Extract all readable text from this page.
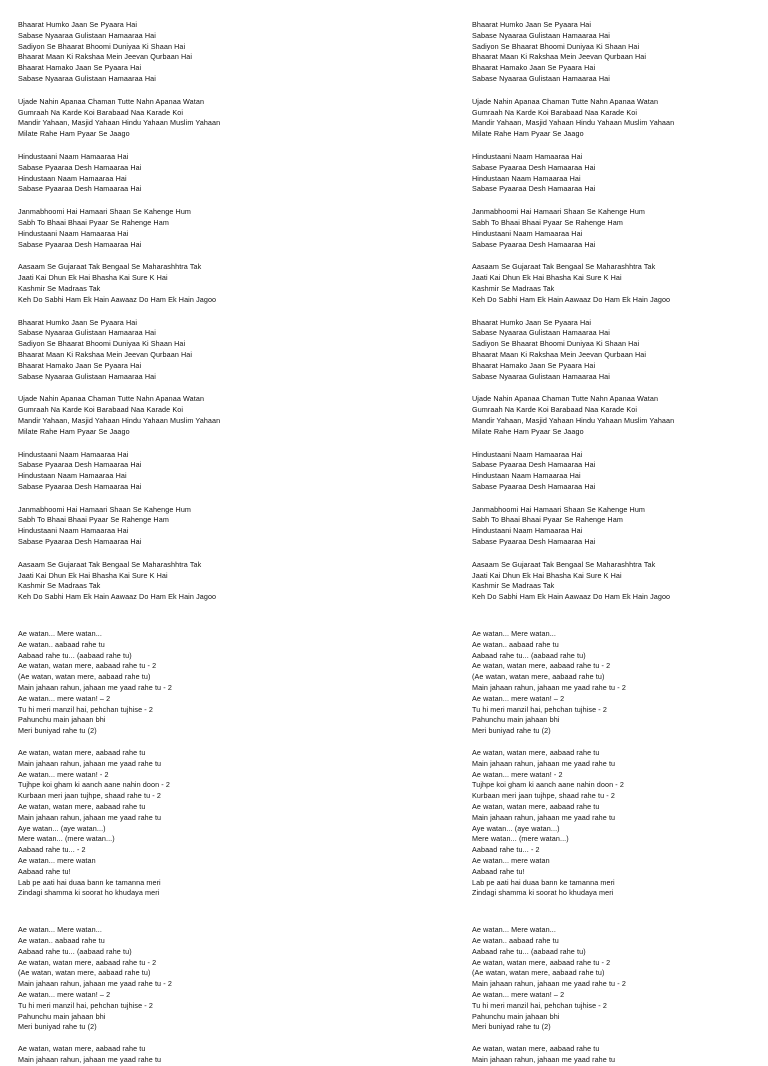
Bhaarat Humko Jaan Se Pyaara Hai
Sabase Nyaaraa Gulistaan Hamaaraa Hai
Sadiyon Se Bhaarat Bhoomi Duniyaa Ki Shaan Hai
Bhaarat Maan Ki Rakshaa Mein Jeevan Qurbaan Hai
Bhaarat Hamako Jaan Se Pyaara Hai
Sabase Nyaaraa Gulistaan Hamaaraa Hai
Ujade Nahin Apanaa Chaman Tutte Nahn Apanaa Watan
Gumraah Na Karde Koi Barabaad Naa Karade Koi
Mandir Yahaan, Masjid Yahaan Hindu Yahaan Muslim Yahaan
Milate Rahe Ham Pyaar Se Jaago
Hindustaani Naam Hamaaraa Hai
Sabase Pyaaraa Desh Hamaaraa Hai
Hindustaan Naam Hamaaraa Hai
Sabase Pyaaraa Desh Hamaaraa Hai
Janmabhoomi Hai Hamaari Shaan Se Kahenge Hum
Sabh To Bhaai Bhaai Pyaar Se Rahenge Ham
Hindustaani Naam Hamaaraa Hai
Sabase Pyaaraa Desh Hamaaraa Hai
Aasaam Se Gujaraat Tak Bengaal Se Maharashhtra Tak
Jaati Kai Dhun Ek Hai Bhasha Kai Sure K Hai
Kashmir Se Madraas Tak
Keh Do Sabhi Ham Ek Hain Aawaaz Do Ham Ek Hain Jagoo
Bhaarat Humko Jaan Se Pyaara Hai
Sabase Nyaaraa Gulistaan Hamaaraa Hai
Sadiyon Se Bhaarat Bhoomi Duniyaa Ki Shaan Hai
Bhaarat Maan Ki Rakshaa Mein Jeevan Qurbaan Hai
Bhaarat Hamako Jaan Se Pyaara Hai
Sabase Nyaaraa Gulistaan Hamaaraa Hai
Ujade Nahin Apanaa Chaman Tutte Nahn Apanaa Watan
Gumraah Na Karde Koi Barabaad Naa Karade Koi
Mandir Yahaan, Masjid Yahaan Hindu Yahaan Muslim Yahaan
Milate Rahe Ham Pyaar Se Jaago
Hindustaani Naam Hamaaraa Hai
Sabase Pyaaraa Desh Hamaaraa Hai
Hindustaan Naam Hamaaraa Hai
Sabase Pyaaraa Desh Hamaaraa Hai
Janmabhoomi Hai Hamaari Shaan Se Kahenge Hum
Sabh To Bhaai Bhaai Pyaar Se Rahenge Ham
Hindustaani Naam Hamaaraa Hai
Sabase Pyaaraa Desh Hamaaraa Hai
Aasaam Se Gujaraat Tak Bengaal Se Maharashhtra Tak
Jaati Kai Dhun Ek Hai Bhasha Kai Sure K Hai
Kashmir Se Madraas Tak
Keh Do Sabhi Ham Ek Hain Aawaaz Do Ham Ek Hain Jagoo
Ae watan... Mere watan...
Ae watan.. aabaad rahe tu
Aabaad rahe tu... (aabaad rahe tu)
Ae watan, watan mere, aabaad rahe tu - 2
(Ae watan, watan mere, aabaad rahe tu)
Main jahaan rahun, jahaan me yaad rahe tu - 2
Ae watan... mere watan! – 2
Tu hi meri manzil hai, pehchan tujhise - 2
Pahunchu main jahaan bhi
Meri buniyad rahe tu (2)
Ae watan, watan mere, aabaad rahe tu
Main jahaan rahun, jahaan me yaad rahe tu
Ae watan... mere watan! - 2
Tujhpe koi gham ki aanch aane nahin doon - 2
Kurbaan meri jaan tujhpe, shaad rahe tu - 2
Ae watan, watan mere, aabaad rahe tu
Main jahaan rahun, jahaan me yaad rahe tu
Aye watan... (aye watan...)
Mere watan... (mere watan...)
Aabaad rahe tu... - 2
Ae watan... mere watan
Aabaad rahe tu!
Lab pe aati hai duaa bann ke tamanna meri
Zindagi shamma ki soorat ho khudaya meri
Ae watan... Mere watan...
Ae watan.. aabaad rahe tu
Aabaad rahe tu... (aabaad rahe tu)
Ae watan, watan mere, aabaad rahe tu - 2
(Ae watan, watan mere, aabaad rahe tu)
Main jahaan rahun, jahaan me yaad rahe tu - 2
Ae watan... mere watan! – 2
Tu hi meri manzil hai, pehchan tujhise - 2
Pahunchu main jahaan bhi
Meri buniyad rahe tu (2)
Ae watan, watan mere, aabaad rahe tu
Main jahaan rahun, jahaan me yaad rahe tu
Bhaarat Humko Jaan Se Pyaara Hai
Sabase Nyaaraa Gulistaan Hamaaraa Hai
Sadiyon Se Bhaarat Bhoomi Duniyaa Ki Shaan Hai
Bhaarat Maan Ki Rakshaa Mein Jeevan Qurbaan Hai
Bhaarat Hamako Jaan Se Pyaara Hai
Sabase Nyaaraa Gulistaan Hamaaraa Hai
Ujade Nahin Apanaa Chaman Tutte Nahn Apanaa Watan
Gumraah Na Karde Koi Barabaad Naa Karade Koi
Mandir Yahaan, Masjid Yahaan Hindu Yahaan Muslim Yahaan
Milate Rahe Ham Pyaar Se Jaago
Hindustaani Naam Hamaaraa Hai
Sabase Pyaaraa Desh Hamaaraa Hai
Hindustaan Naam Hamaaraa Hai
Sabase Pyaaraa Desh Hamaaraa Hai
Janmabhoomi Hai Hamaari Shaan Se Kahenge Hum
Sabh To Bhaai Bhaai Pyaar Se Rahenge Ham
Hindustaani Naam Hamaaraa Hai
Sabase Pyaaraa Desh Hamaaraa Hai
Aasaam Se Gujaraat Tak Bengaal Se Maharashhtra Tak
Jaati Kai Dhun Ek Hai Bhasha Kai Sure K Hai
Kashmir Se Madraas Tak
Keh Do Sabhi Ham Ek Hain Aawaaz Do Ham Ek Hain Jagoo
Bhaarat Humko Jaan Se Pyaara Hai
Sabase Nyaaraa Gulistaan Hamaaraa Hai
Sadiyon Se Bhaarat Bhoomi Duniyaa Ki Shaan Hai
Bhaarat Maan Ki Rakshaa Mein Jeevan Qurbaan Hai
Bhaarat Hamako Jaan Se Pyaara Hai
Sabase Nyaaraa Gulistaan Hamaaraa Hai
Ujade Nahin Apanaa Chaman Tutte Nahn Apanaa Watan
Gumraah Na Karde Koi Barabaad Naa Karade Koi
Mandir Yahaan, Masjid Yahaan Hindu Yahaan Muslim Yahaan
Milate Rahe Ham Pyaar Se Jaago
Hindustaani Naam Hamaaraa Hai
Sabase Pyaaraa Desh Hamaaraa Hai
Hindustaan Naam Hamaaraa Hai
Sabase Pyaaraa Desh Hamaaraa Hai
Janmabhoomi Hai Hamaari Shaan Se Kahenge Hum
Sabh To Bhaai Bhaai Pyaar Se Rahenge Ham
Hindustaani Naam Hamaaraa Hai
Sabase Pyaaraa Desh Hamaaraa Hai
Aasaam Se Gujaraat Tak Bengaal Se Maharashhtra Tak
Jaati Kai Dhun Ek Hai Bhasha Kai Sure K Hai
Kashmir Se Madraas Tak
Keh Do Sabhi Ham Ek Hain Aawaaz Do Ham Ek Hain Jagoo
Ae watan... Mere watan...
Ae watan.. aabaad rahe tu
Aabaad rahe tu... (aabaad rahe tu)
Ae watan, watan mere, aabaad rahe tu - 2
(Ae watan, watan mere, aabaad rahe tu)
Main jahaan rahun, jahaan me yaad rahe tu - 2
Ae watan... mere watan! – 2
Tu hi meri manzil hai, pehchan tujhise - 2
Pahunchu main jahaan bhi
Meri buniyad rahe tu (2)
Ae watan, watan mere, aabaad rahe tu
Main jahaan rahun, jahaan me yaad rahe tu
Ae watan... mere watan! - 2
Tujhpe koi gham ki aanch aane nahin doon - 2
Kurbaan meri jaan tujhpe, shaad rahe tu - 2
Ae watan, watan mere, aabaad rahe tu
Main jahaan rahun, jahaan me yaad rahe tu
Aye watan... (aye watan...)
Mere watan... (mere watan...)
Aabaad rahe tu... - 2
Ae watan... mere watan
Aabaad rahe tu!
Lab pe aati hai duaa bann ke tamanna meri
Zindagi shamma ki soorat ho khudaya meri
Ae watan... Mere watan...
Ae watan.. aabaad rahe tu
Aabaad rahe tu... (aabaad rahe tu)
Ae watan, watan mere, aabaad rahe tu - 2
(Ae watan, watan mere, aabaad rahe tu)
Main jahaan rahun, jahaan me yaad rahe tu - 2
Ae watan... mere watan! – 2
Tu hi meri manzil hai, pehchan tujhise - 2
Pahunchu main jahaan bhi
Meri buniyad rahe tu (2)
Ae watan, watan mere, aabaad rahe tu
Main jahaan rahun, jahaan me yaad rahe tu
